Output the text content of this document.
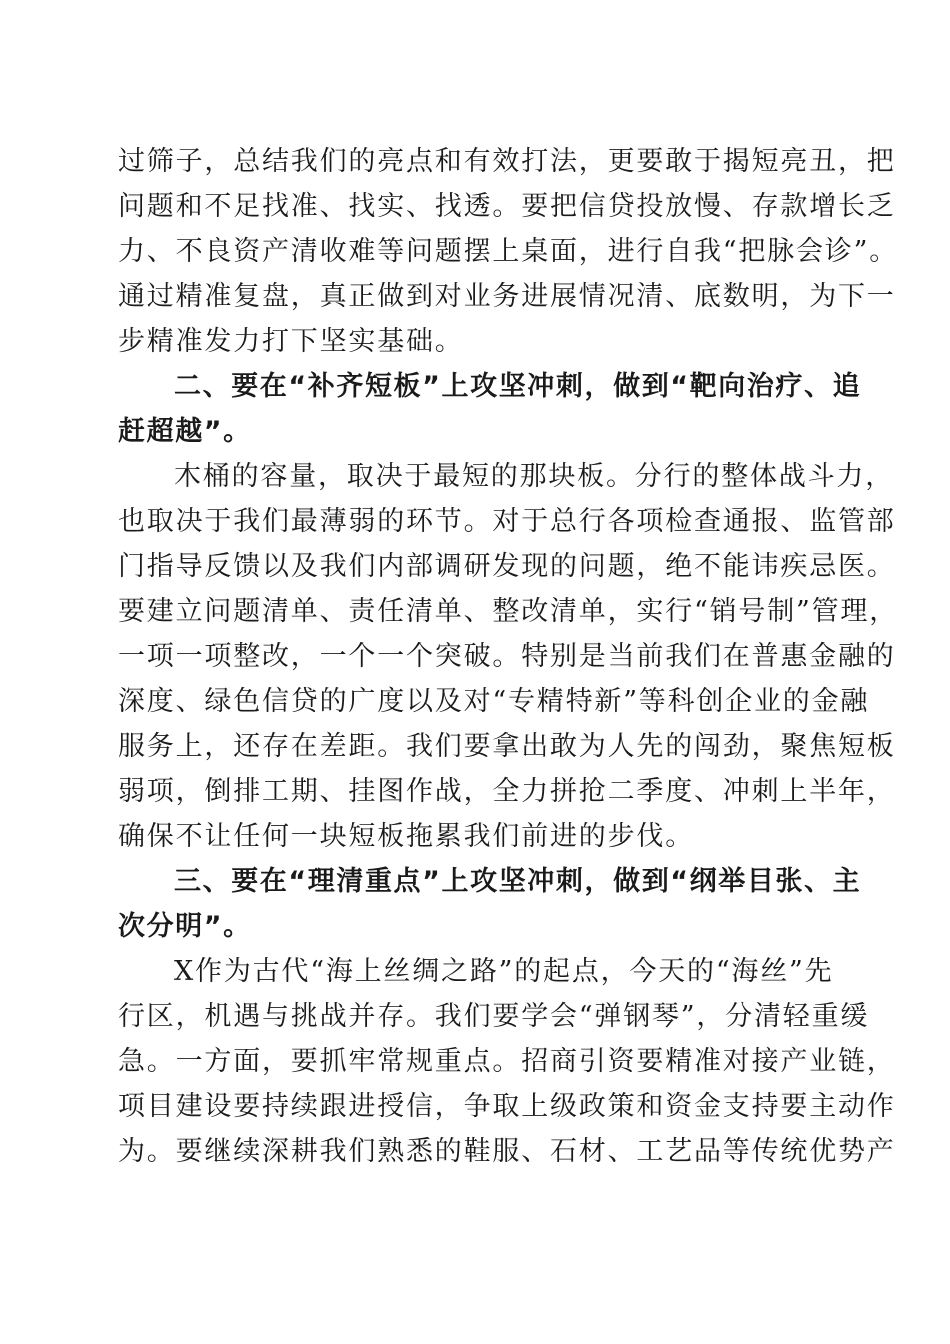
过筛子，总结我们的亮点和有效打法，更要敢于揭短亮丑，把
问题和不足找准、找实、找透。要把信贷投放慢、存款增长乏
力、不良资产清收难等问题摆上桌面，进行自我“把脉会诊”。
通过精准复盘，真正做到对业务进展情况清、底数明，为下一
步精准发力打下坚实基础。

二、要在“补齐短板”上攻坚冲刺，做到“靶向治疗、追
赶超越”。

木桶的容量，取决于最短的那块板。分行的整体战斗力，
也取决于我们最薄弱的环节。对于总行各项检查通报、监管部
门指导反馈以及我们内部调研发现的问题，绝不能讳疾忌医。
要建立问题清单、责任清单、整改清单，实行“销号制”管理，
一项一项整改，一个一个突破。特别是当前我们在普惠金融的
深度、绿色信贷的广度以及对“专精特新”等科创企业的金融
服务上，还存在差距。我们要拿出敢为人先的闯劲，聚焦短板
弱项，倒排工期、挂图作战，全力拼抢二季度、冲刺上半年，
确保不让任何一块短板拖累我们前进的步伐。

三、要在“理清重点”上攻坚冲刺，做到“纲举目张、主
次分明”。

X作为古代“海上丝绸之路”的起点，今天的“海丝”先
行区，机遇与挑战并存。我们要学会“弹钢琴”，分清轻重缓
急。一方面，要抓牢常规重点。招商引资要精准对接产业链，
项目建设要持续跟进授信，争取上级政策和资金支持要主动作
为。要继续深耕我们熟悉的鞋服、石材、工艺品等传统优势产
